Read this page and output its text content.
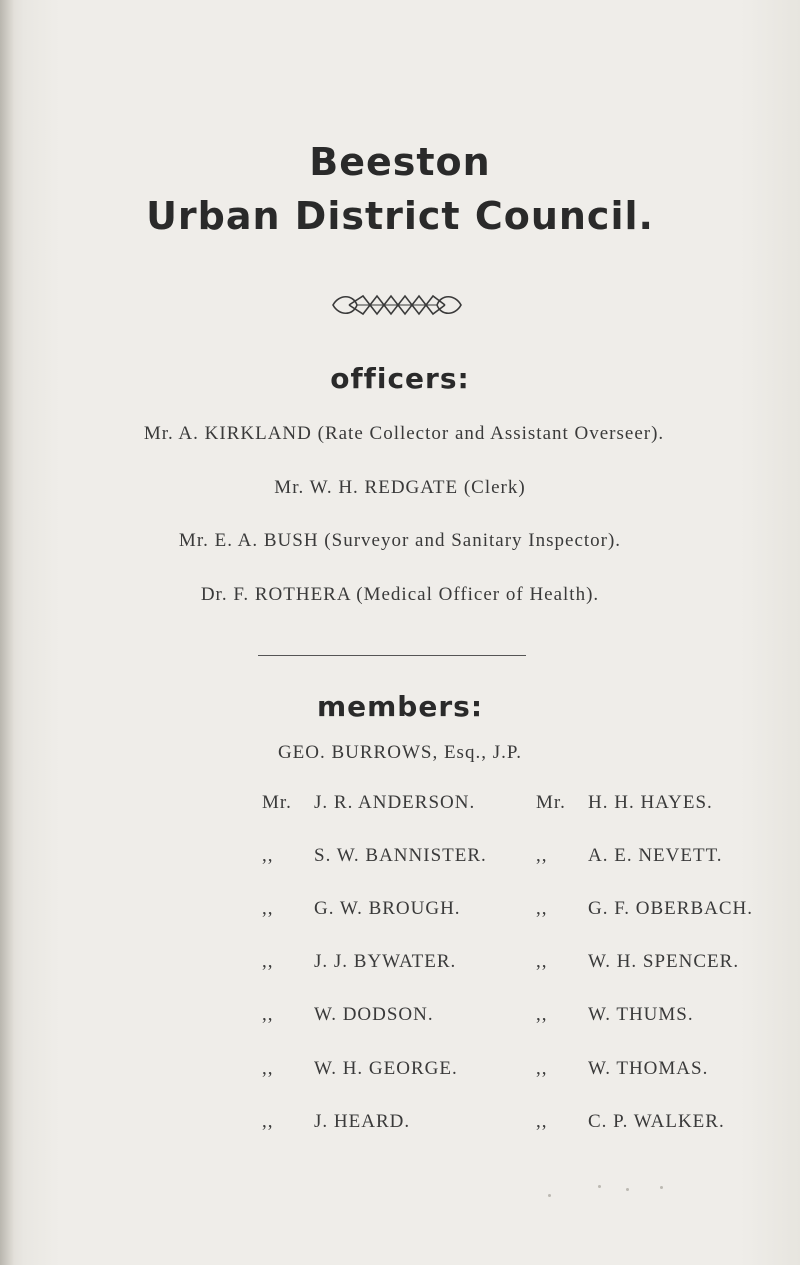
Beeston
Urban District Council.
officers:
Mr. A. KIRKLAND (Rate Collector and Assistant Overseer).
Mr. W. H. REDGATE (Clerk)
Mr. E. A. BUSH (Surveyor and Sanitary Inspector).
Dr. F. ROTHERA (Medical Officer of Health).
members:
GEO. BURROWS, Esq., J.P.
Mr. J. R. ANDERSON.
,, S. W. BANNISTER.
,, G. W. BROUGH.
,, J. J. BYWATER.
,, W. DODSON.
,, W. H. GEORGE.
,, J. HEARD.
Mr. H. H. HAYES.
,, A. E. NEVETT.
,, G. F. OBERBACH.
,, W. H. SPENCER.
,, W. THUMS.
,, W. THOMAS.
,, C. P. WALKER.
